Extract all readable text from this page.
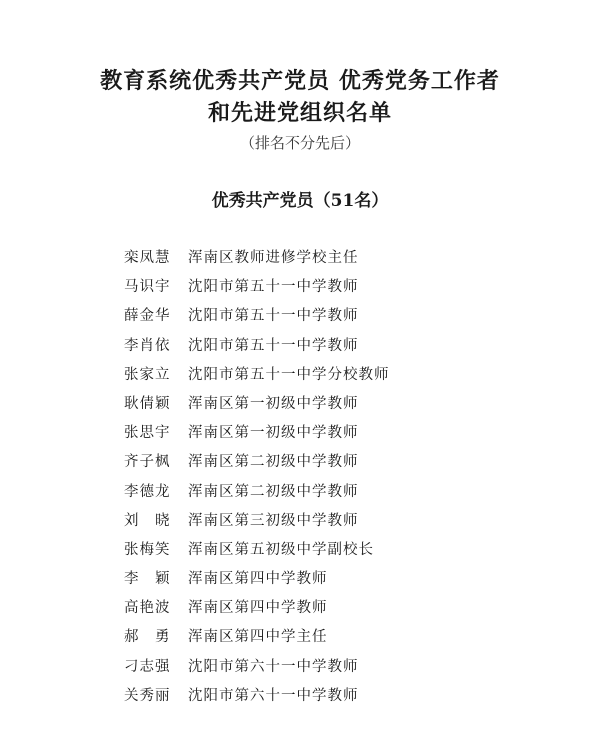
教育系统优秀共产党员 优秀党务工作者
和先进党组织名单
（排名不分先后）
优秀共产党员（51名）
栾凤慧	浑南区教师进修学校主任
马识宇	沈阳市第五十一中学教师
薛金华	沈阳市第五十一中学教师
李肖依	沈阳市第五十一中学教师
张家立	沈阳市第五十一中学分校教师
耿倩颖	浑南区第一初级中学教师
张思宇	浑南区第一初级中学教师
齐子枫	浑南区第二初级中学教师
李德龙	浑南区第二初级中学教师
刘　晓	浑南区第三初级中学教师
张梅笑	浑南区第五初级中学副校长
李　颖	浑南区第四中学教师
高艳波	浑南区第四中学教师
郝　勇	浑南区第四中学主任
刁志强	沈阳市第六十一中学教师
关秀丽	沈阳市第六十一中学教师
